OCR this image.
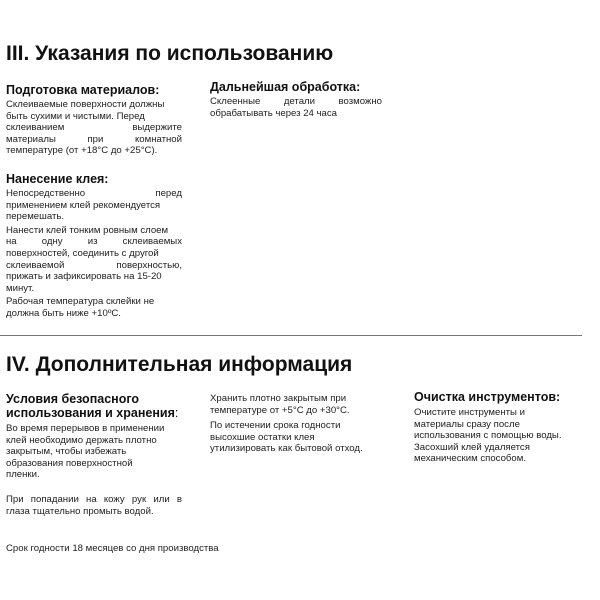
III. Указания по использованию
Подготовка материалов:
Склеиваемые поверхности должны
быть сухими и чистыми. Перед
склеиванием	выдержите
материалы	при	комнатной
температуре (от +18°С до +25°С).
Дальнейшая обработка:
Склеенные детали возможно
обрабатывать через 24 часа
Нанесение клея:
Непосредственно	перед
применением клей рекомендуется
перемешать.
Нанести клей тонким ровным слоем
на	одну	из	склеиваемых
поверхностей, соединить с другой
склеиваемой	поверхностью,
прижать и зафиксировать на 15-20
минут.
Рабочая температура склейки не
должна быть ниже +10ºС.
IV. Дополнительная информация
Условия безопасного
использования и хранения:
Во время перерывов в применении
клей необходимо держать плотно
закрытым, чтобы избежать
образования поверхностной
пленки.
При попадании на кожу рук или в
глаза тщательно промыть водой.
Хранить плотно закрытым при
температуре от +5°С до +30°С.
По истечении срока годности
высохшие остатки клея
утилизировать как бытовой отход.
Очистка инструментов:
Очистите инструменты и
материалы сразу после
использования с помощью воды.
Засохший клей удаляется
механическим способом.
Срок годности 18 месяцев со дня производства
